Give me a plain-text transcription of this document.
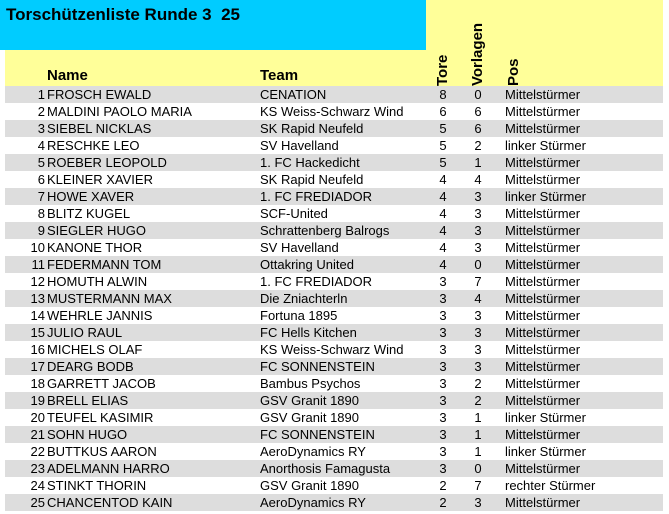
Torschützenliste Runde 3 25
Name	Team	Tore Vorlagen Pos
1 FROSCH EWALD	CENATION	8 0 Mittelstürmer
2 MALDINI PAOLO MARIA	KS Weiss-Schwarz Wind	6 6 Mittelstürmer
3 SIEBEL NICKLAS	SK Rapid Neufeld	5 6 Mittelstürmer
4 RESCHKE LEO	SV Havelland	5 2 linker Stürmer
5 ROEBER LEOPOLD	1. FC Hackedicht	5 1 Mittelstürmer
6 KLEINER XAVIER	SK Rapid Neufeld	4 4 Mittelstürmer
7 HOWE XAVER	1. FC FREDIADOR	4 3 linker Stürmer
8 BLITZ KUGEL	SCF-United	4 3 Mittelstürmer
9 SIEGLER HUGO	Schrattenberg Balrogs	4 3 Mittelstürmer
10 KANONE THOR	SV Havelland	4 3 Mittelstürmer
11 FEDERMANN TOM	Ottakring United	4 0 Mittelstürmer
12 HOMUTH ALWIN	1. FC FREDIADOR	3 7 Mittelstürmer
13 MUSTERMANN MAX	Die Zniachterln	3 4 Mittelstürmer
14 WEHRLE JANNIS	Fortuna 1895	3 3 Mittelstürmer
15 JULIO RAUL	FC Hells Kitchen	3 3 Mittelstürmer
16 MICHELS OLAF	KS Weiss-Schwarz Wind	3 3 Mittelstürmer
17 DEARG BODB	FC SONNENSTEIN	3 3 Mittelstürmer
18 GARRETT JACOB	Bambus Psychos	3 2 Mittelstürmer
19 BRELL ELIAS	GSV Granit 1890	3 2 Mittelstürmer
20 TEUFEL KASIMIR	GSV Granit 1890	3 1 linker Stürmer
21 SOHN HUGO	FC SONNENSTEIN	3 1 Mittelstürmer
22 BUTTKUS AARON	AeroDynamics RY	3 1 linker Stürmer
23 ADELMANN HARRO	Anorthosis Famagusta	3 0 Mittelstürmer
24 STINKT THORIN	GSV Granit 1890	2 7 rechter Stürmer
25 CHANCENTOD KAIN	AeroDynamics RY	2 3 Mittelstürmer
